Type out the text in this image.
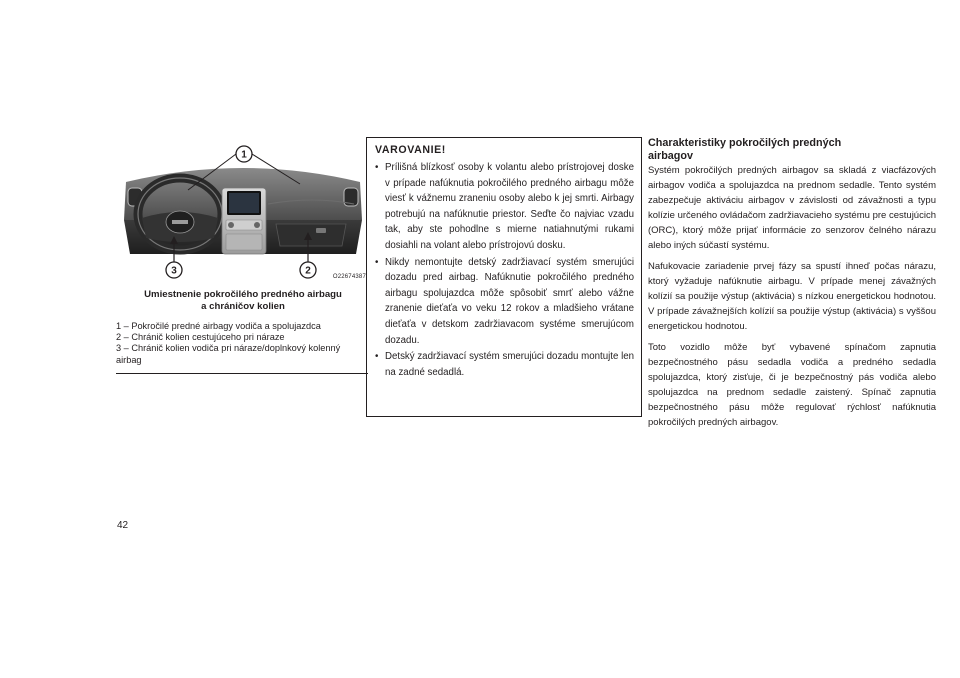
1
2
3
O22674387
Umiestnenie pokročilého predného airbagu
a chráničov kolien
1 – Pokročilé predné airbagy vodiča a spolujazdca
2 – Chránič kolien cestujúceho pri náraze
3 – Chránič kolien vodiča pri náraze/doplnkový kolenný airbag
VAROVANIE!
• Prílišná blízkosť osoby k volantu alebo prístrojovej doske v prípade nafúknutia pokročilého predného airbagu môže viesť k vážnemu zraneniu osoby alebo k jej smrti. Airbagy potrebujú na nafúknutie priestor. Seďte čo najviac vzadu tak, aby ste pohodlne s mierne natiahnutými rukami dosiahli na volant alebo prístrojovú dosku.
• Nikdy nemontujte detský zadržiavací systém smerujúci dozadu pred airbag. Nafúknutie pokročilého predného airbagu spolujazdca môže spôsobiť smrť alebo vážne zranenie dieťaťa vo veku 12 rokov a mladšieho vrátane dieťaťa v detskom zadržiavacom systéme smerujúcom dozadu.
• Detský zadržiavací systém smerujúci dozadu montujte len na zadné sedadlá.
Charakteristiky pokročilých predných
airbagov

Systém pokročilých predných airbagov sa skladá z viacfázových airbagov vodiča a spolujazdca na prednom sedadle. Tento systém zabezpečuje aktiváciu airbagov v závislosti od závažnosti a typu kolízie určeného ovládačom zadržiavacieho systému pre cestujúcich (ORC), ktorý môže prijať informácie zo senzorov čelného nárazu alebo iných súčastí systému.

Nafukovacie zariadenie prvej fázy sa spustí ihneď počas nárazu, ktorý vyžaduje nafúknutie airbagu. V prípade menej závažných kolízií sa použije výstup (aktivácia) s nízkou energetickou hodnotou. V prípade závažnejších kolízií sa použije výstup (aktivácia) s vyššou energetickou hodnotou.

Toto vozidlo môže byť vybavené spínačom zapnutia bezpečnostného pásu sedadla vodiča a predného sedadla spolujazdca, ktorý zisťuje, či je bezpečnostný pás vodiča alebo spolujazdca na prednom sedadle zaistený. Spínač zapnutia bezpečnostného pásu môže regulovať rýchlosť nafúknutia pokročilých predných airbagov.

42
